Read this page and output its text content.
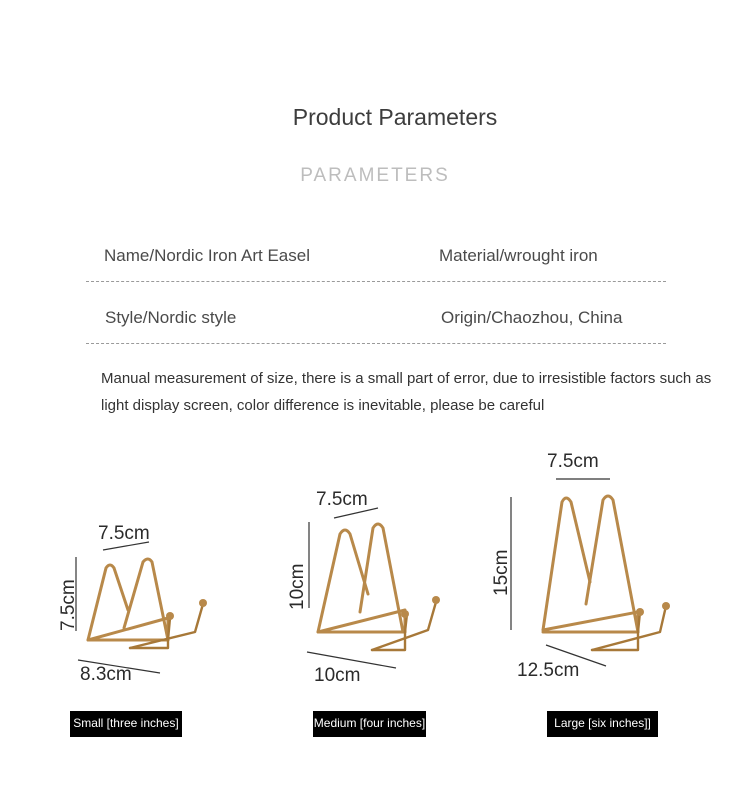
Product Parameters
PARAMETERS
Name/Nordic Iron Art Easel	Material/wrought iron
Style/Nordic style	Origin/Chaozhou, China
Manual measurement of size, there is a small part of error, due to irresistible factors such as light display screen, color difference is inevitable, please be careful
7.5cm
7.5cm
8.3cm
7.5cm
10cm
10cm
7.5cm
15cm
12.5cm
Small [three inches]	Medium [four inches]	Large [six inches]]
